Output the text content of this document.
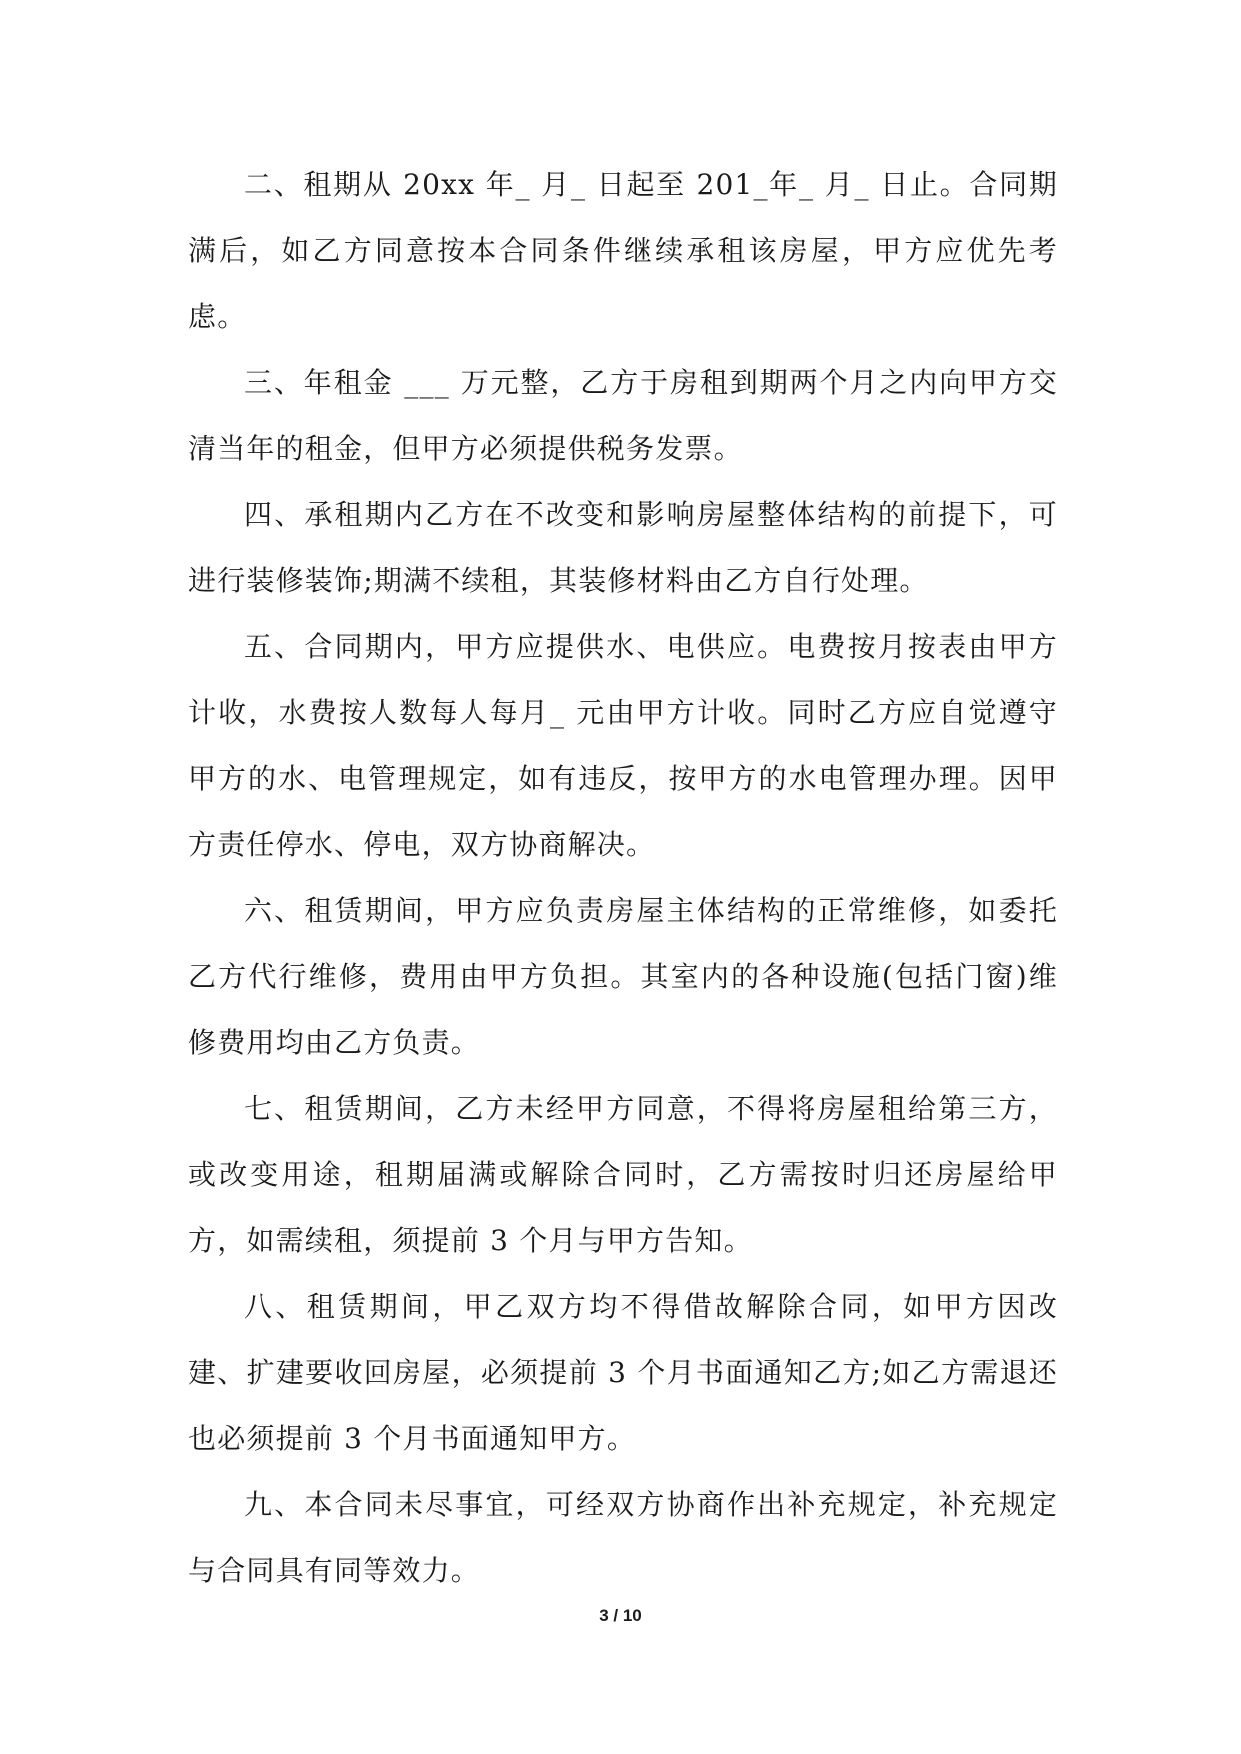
二、租期从 20xx 年_ 月_ 日起至 201_年_ 月_ 日止。合同期满后，如乙方同意按本合同条件继续承租该房屋，甲方应优先考虑。

三、年租金 ___ 万元整，乙方于房租到期两个月之内向甲方交清当年的租金，但甲方必须提供税务发票。

四、承租期内乙方在不改变和影响房屋整体结构的前提下，可进行装修装饰;期满不续租，其装修材料由乙方自行处理。

五、合同期内，甲方应提供水、电供应。电费按月按表由甲方计收，水费按人数每人每月_ 元由甲方计收。同时乙方应自觉遵守甲方的水、电管理规定，如有违反，按甲方的水电管理办理。因甲方责任停水、停电，双方协商解决。

六、租赁期间，甲方应负责房屋主体结构的正常维修，如委托乙方代行维修，费用由甲方负担。其室内的各种设施(包括门窗)维修费用均由乙方负责。

七、租赁期间，乙方未经甲方同意，不得将房屋租给第三方，或改变用途，租期届满或解除合同时，乙方需按时归还房屋给甲方，如需续租，须提前 3 个月与甲方告知。

八、租赁期间，甲乙双方均不得借故解除合同，如甲方因改建、扩建要收回房屋，必须提前 3 个月书面通知乙方;如乙方需退还也必须提前 3 个月书面通知甲方。

九、本合同未尽事宜，可经双方协商作出补充规定，补充规定与合同具有同等效力。

3 / 10
